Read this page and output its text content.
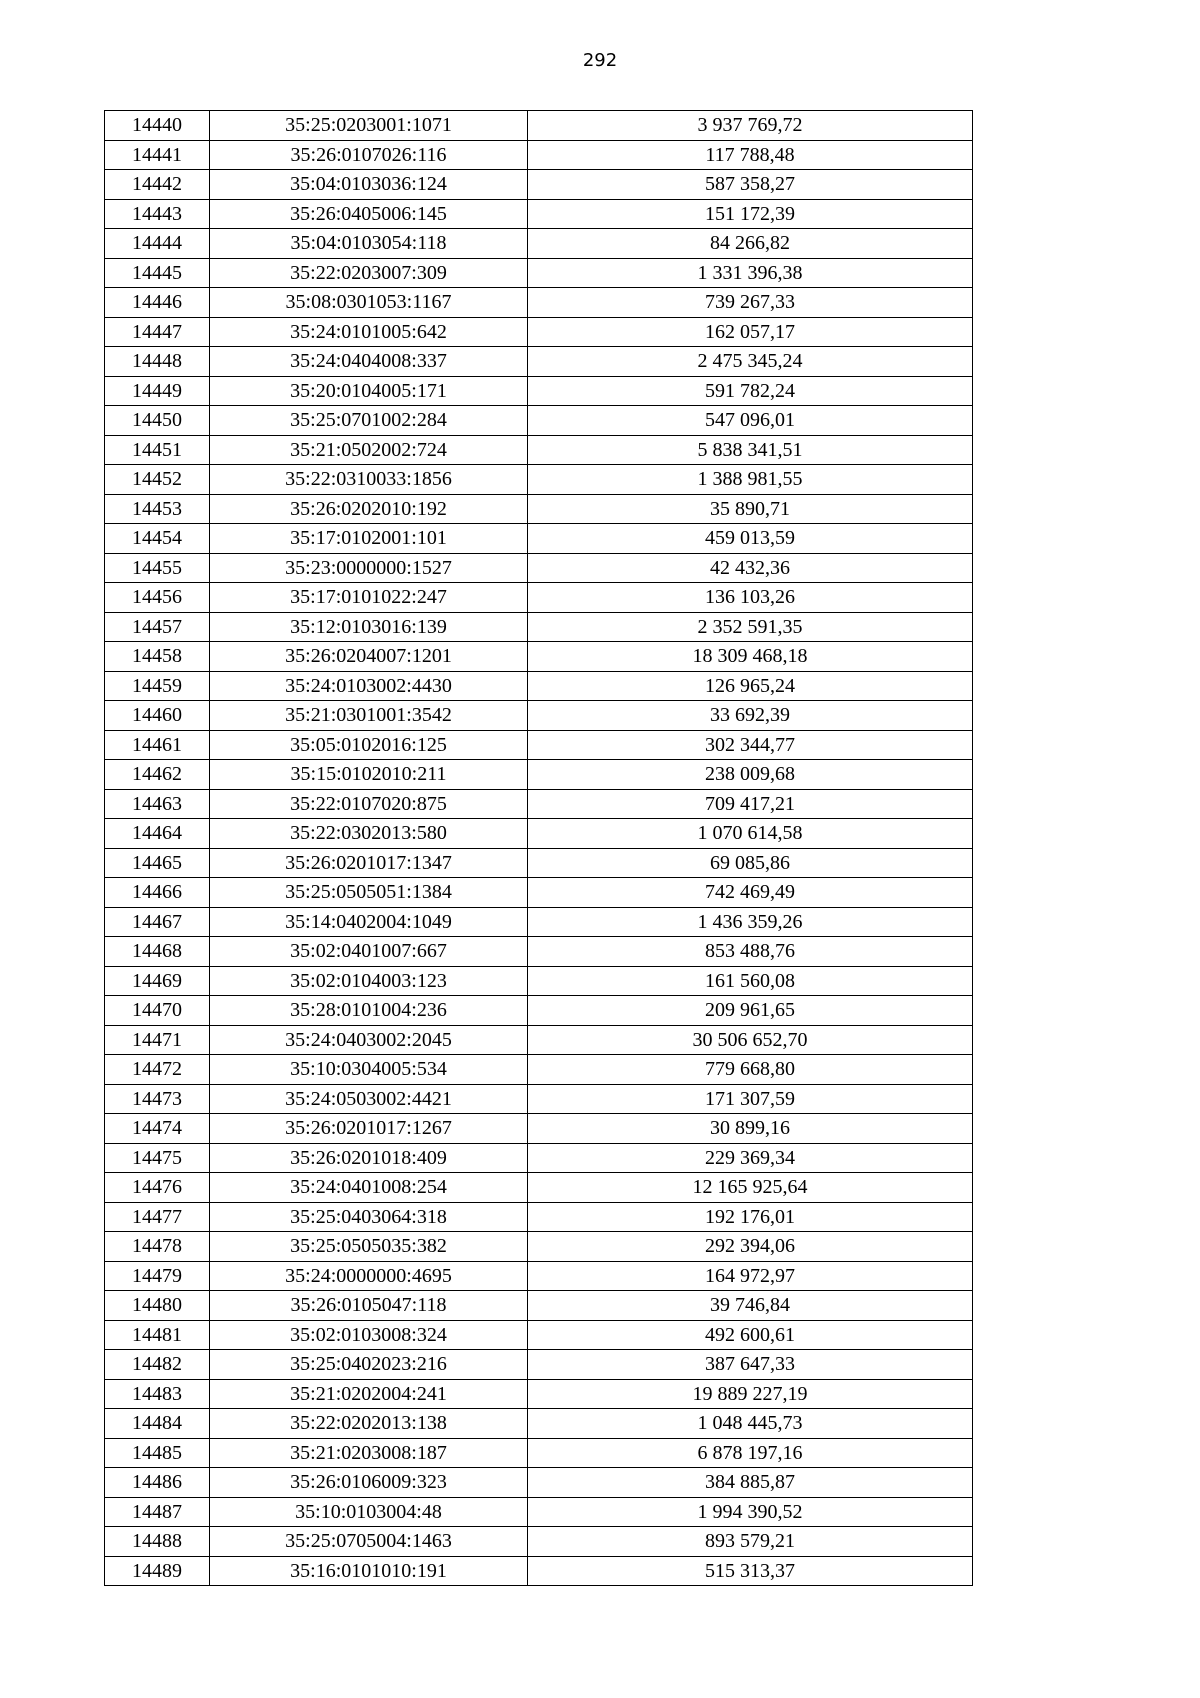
292
14440	35:25:0203001:1071	3 937 769,72
14441	35:26:0107026:116	117 788,48
14442	35:04:0103036:124	587 358,27
14443	35:26:0405006:145	151 172,39
14444	35:04:0103054:118	84 266,82
14445	35:22:0203007:309	1 331 396,38
14446	35:08:0301053:1167	739 267,33
14447	35:24:0101005:642	162 057,17
14448	35:24:0404008:337	2 475 345,24
14449	35:20:0104005:171	591 782,24
14450	35:25:0701002:284	547 096,01
14451	35:21:0502002:724	5 838 341,51
14452	35:22:0310033:1856	1 388 981,55
14453	35:26:0202010:192	35 890,71
14454	35:17:0102001:101	459 013,59
14455	35:23:0000000:1527	42 432,36
14456	35:17:0101022:247	136 103,26
14457	35:12:0103016:139	2 352 591,35
14458	35:26:0204007:1201	18 309 468,18
14459	35:24:0103002:4430	126 965,24
14460	35:21:0301001:3542	33 692,39
14461	35:05:0102016:125	302 344,77
14462	35:15:0102010:211	238 009,68
14463	35:22:0107020:875	709 417,21
14464	35:22:0302013:580	1 070 614,58
14465	35:26:0201017:1347	69 085,86
14466	35:25:0505051:1384	742 469,49
14467	35:14:0402004:1049	1 436 359,26
14468	35:02:0401007:667	853 488,76
14469	35:02:0104003:123	161 560,08
14470	35:28:0101004:236	209 961,65
14471	35:24:0403002:2045	30 506 652,70
14472	35:10:0304005:534	779 668,80
14473	35:24:0503002:4421	171 307,59
14474	35:26:0201017:1267	30 899,16
14475	35:26:0201018:409	229 369,34
14476	35:24:0401008:254	12 165 925,64
14477	35:25:0403064:318	192 176,01
14478	35:25:0505035:382	292 394,06
14479	35:24:0000000:4695	164 972,97
14480	35:26:0105047:118	39 746,84
14481	35:02:0103008:324	492 600,61
14482	35:25:0402023:216	387 647,33
14483	35:21:0202004:241	19 889 227,19
14484	35:22:0202013:138	1 048 445,73
14485	35:21:0203008:187	6 878 197,16
14486	35:26:0106009:323	384 885,87
14487	35:10:0103004:48	1 994 390,52
14488	35:25:0705004:1463	893 579,21
14489	35:16:0101010:191	515 313,37
